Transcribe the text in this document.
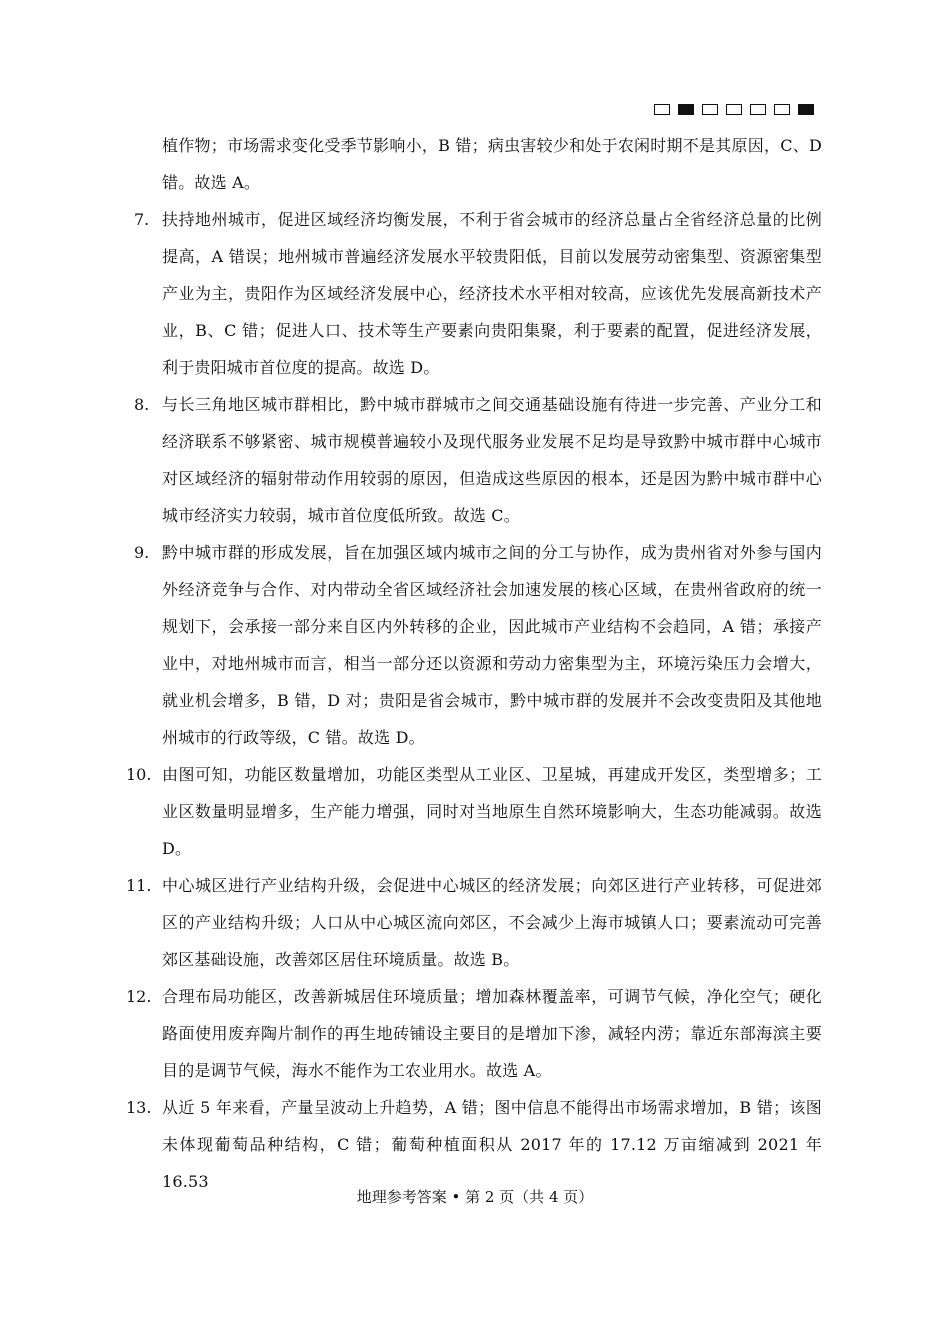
植作物；市场需求变化受季节影响小，B 错；病虫害较少和处于农闲时期不是其原因，C、D 错。故选 A。
7. 扶持地州城市，促进区域经济均衡发展，不利于省会城市的经济总量占全省经济总量的比例提高，A 错误；地州城市普遍经济发展水平较贵阳低，目前以发展劳动密集型、资源密集型产业为主，贵阳作为区域经济发展中心，经济技术水平相对较高，应该优先发展高新技术产业，B、C 错；促进人口、技术等生产要素向贵阳集聚，利于要素的配置，促进经济发展，利于贵阳城市首位度的提高。故选 D。
8. 与长三角地区城市群相比，黔中城市群城市之间交通基础设施有待进一步完善、产业分工和经济联系不够紧密、城市规模普遍较小及现代服务业发展不足均是导致黔中城市群中心城市对区域经济的辐射带动作用较弱的原因，但造成这些原因的根本，还是因为黔中城市群中心城市经济实力较弱，城市首位度低所致。故选 C。
9. 黔中城市群的形成发展，旨在加强区域内城市之间的分工与协作，成为贵州省对外参与国内外经济竞争与合作、对内带动全省区域经济社会加速发展的核心区域，在贵州省政府的统一规划下，会承接一部分来自区内外转移的企业，因此城市产业结构不会趋同，A 错；承接产业中，对地州城市而言，相当一部分还以资源和劳动力密集型为主，环境污染压力会增大，就业机会增多，B 错，D 对；贵阳是省会城市，黔中城市群的发展并不会改变贵阳及其他地州城市的行政等级，C 错。故选 D。
10. 由图可知，功能区数量增加，功能区类型从工业区、卫星城，再建成开发区，类型增多；工业区数量明显增多，生产能力增强，同时对当地原生自然环境影响大，生态功能减弱。故选 D。
11. 中心城区进行产业结构升级，会促进中心城区的经济发展；向郊区进行产业转移，可促进郊区的产业结构升级；人口从中心城区流向郊区，不会减少上海市城镇人口；要素流动可完善郊区基础设施，改善郊区居住环境质量。故选 B。
12. 合理布局功能区，改善新城居住环境质量；增加森林覆盖率，可调节气候，净化空气；硬化路面使用废弃陶片制作的再生地砖铺设主要目的是增加下渗，减轻内涝；靠近东部海滨主要目的是调节气候，海水不能作为工农业用水。故选 A。
13. 从近 5 年来看，产量呈波动上升趋势，A 错；图中信息不能得出市场需求增加，B 错；该图未体现葡萄品种结构，C 错；葡萄种植面积从 2017 年的 17.12 万亩缩减到 2021 年 16.53
地理参考答案 • 第 2 页（共 4 页）
